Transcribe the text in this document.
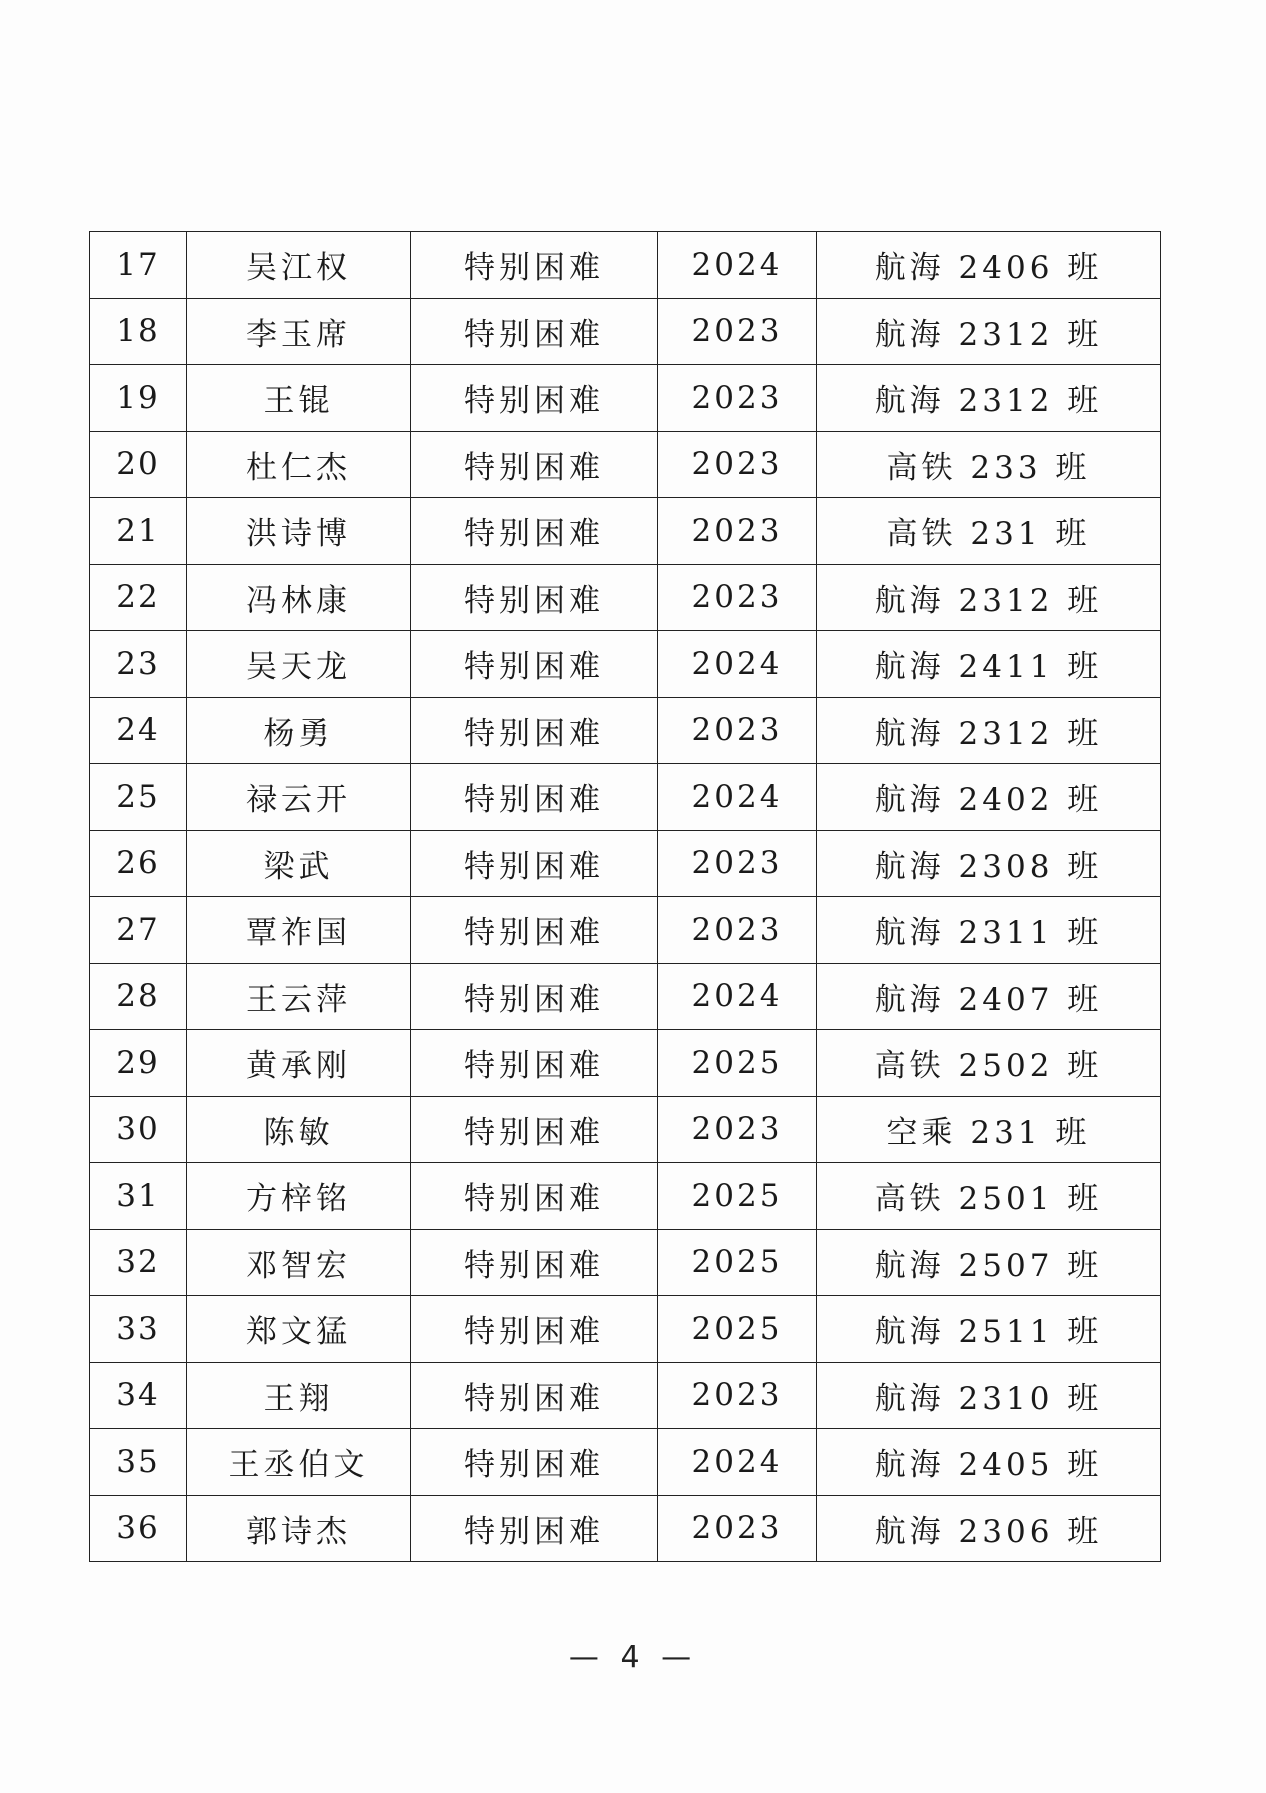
17	吴江权	特别困难	2024	航海 2406 班
18	李玉席	特别困难	2023	航海 2312 班
19	王锟	特别困难	2023	航海 2312 班
20	杜仁杰	特别困难	2023	高铁 233 班
21	洪诗博	特别困难	2023	高铁 231 班
22	冯林康	特别困难	2023	航海 2312 班
23	吴天龙	特别困难	2024	航海 2411 班
24	杨勇	特别困难	2023	航海 2312 班
25	禄云开	特别困难	2024	航海 2402 班
26	梁武	特别困难	2023	航海 2308 班
27	覃祚国	特别困难	2023	航海 2311 班
28	王云萍	特别困难	2024	航海 2407 班
29	黄承刚	特别困难	2025	高铁 2502 班
30	陈敏	特别困难	2023	空乘 231 班
31	方梓铭	特别困难	2025	高铁 2501 班
32	邓智宏	特别困难	2025	航海 2507 班
33	郑文猛	特别困难	2025	航海 2511 班
34	王翔	特别困难	2023	航海 2310 班
35	王丞伯文	特别困难	2024	航海 2405 班
36	郭诗杰	特别困难	2023	航海 2306 班
— 4 —
